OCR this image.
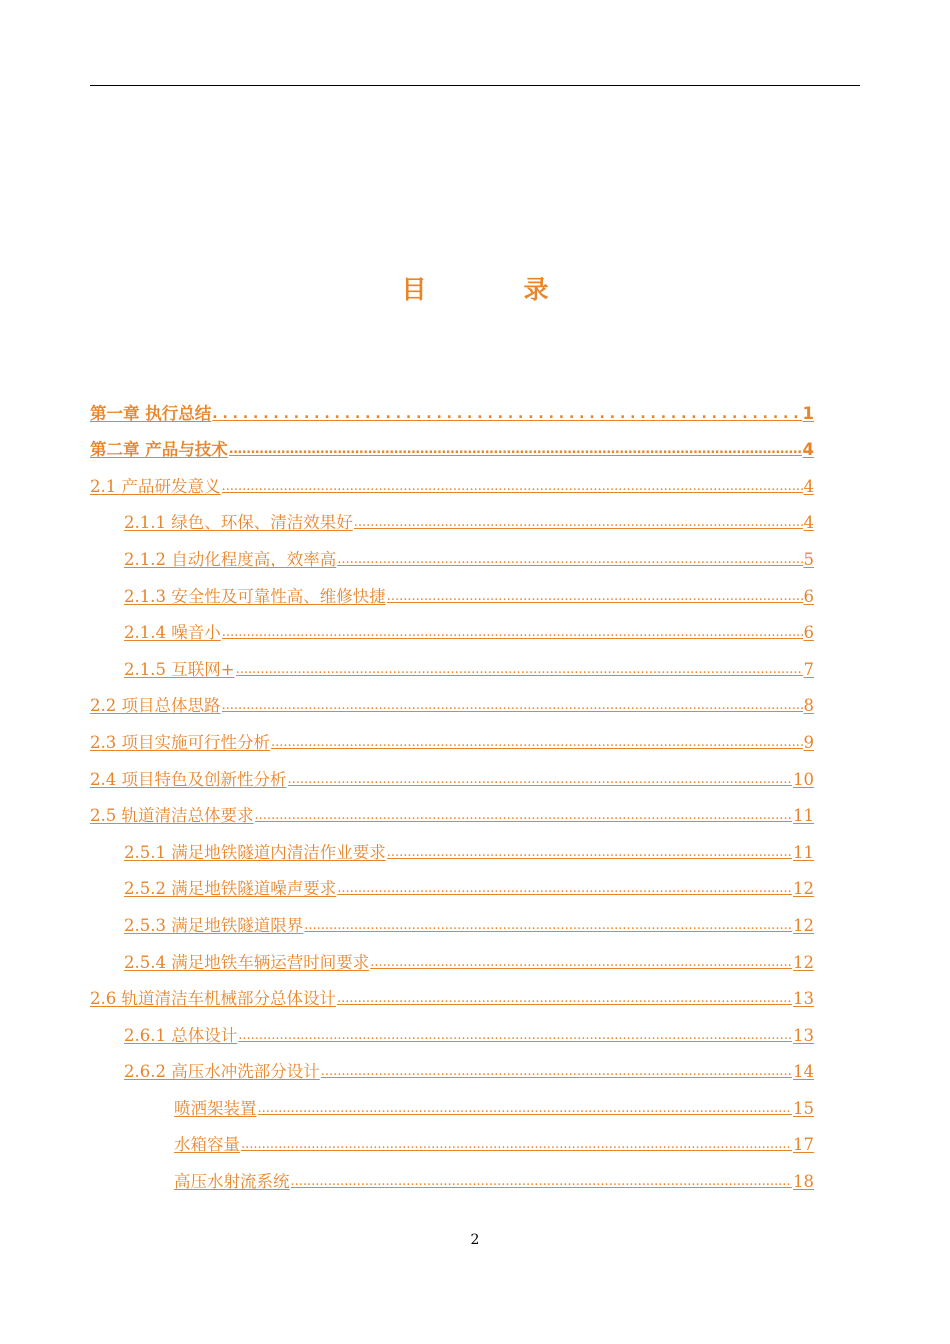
目　录
第一章 执行总结 . . .	1
第二章 产品与技术 .....	4
2.1 产品研发意义 .....	4
2.1.1 绿色、环保、清洁效果好 .....	4
2.1.2 自动化程度高，效率高 .....	5
2.1.3 安全性及可靠性高、维修快捷 .....	6
2.1.4 噪音小 .....	6
2.1.5 互联网+ .....	7
2.2 项目总体思路 .....	8
2.3 项目实施可行性分析 .....	9
2.4 项目特色及创新性分析 .....	10
2.5 轨道清洁总体要求 .....	11
2.5.1 满足地铁隧道内清洁作业要求 .....	11
2.5.2 满足地铁隧道噪声要求 .....	12
2.5.3 满足地铁隧道限界 .....	12
2.5.4 满足地铁车辆运营时间要求 .....	12
2.6 轨道清洁车机械部分总体设计 .....	13
2.6.1 总体设计 .....	13
2.6.2 高压水冲洗部分设计 .....	14
喷洒架装置 .....	15
水箱容量 .....	17
高压水射流系统 .....	18
2
